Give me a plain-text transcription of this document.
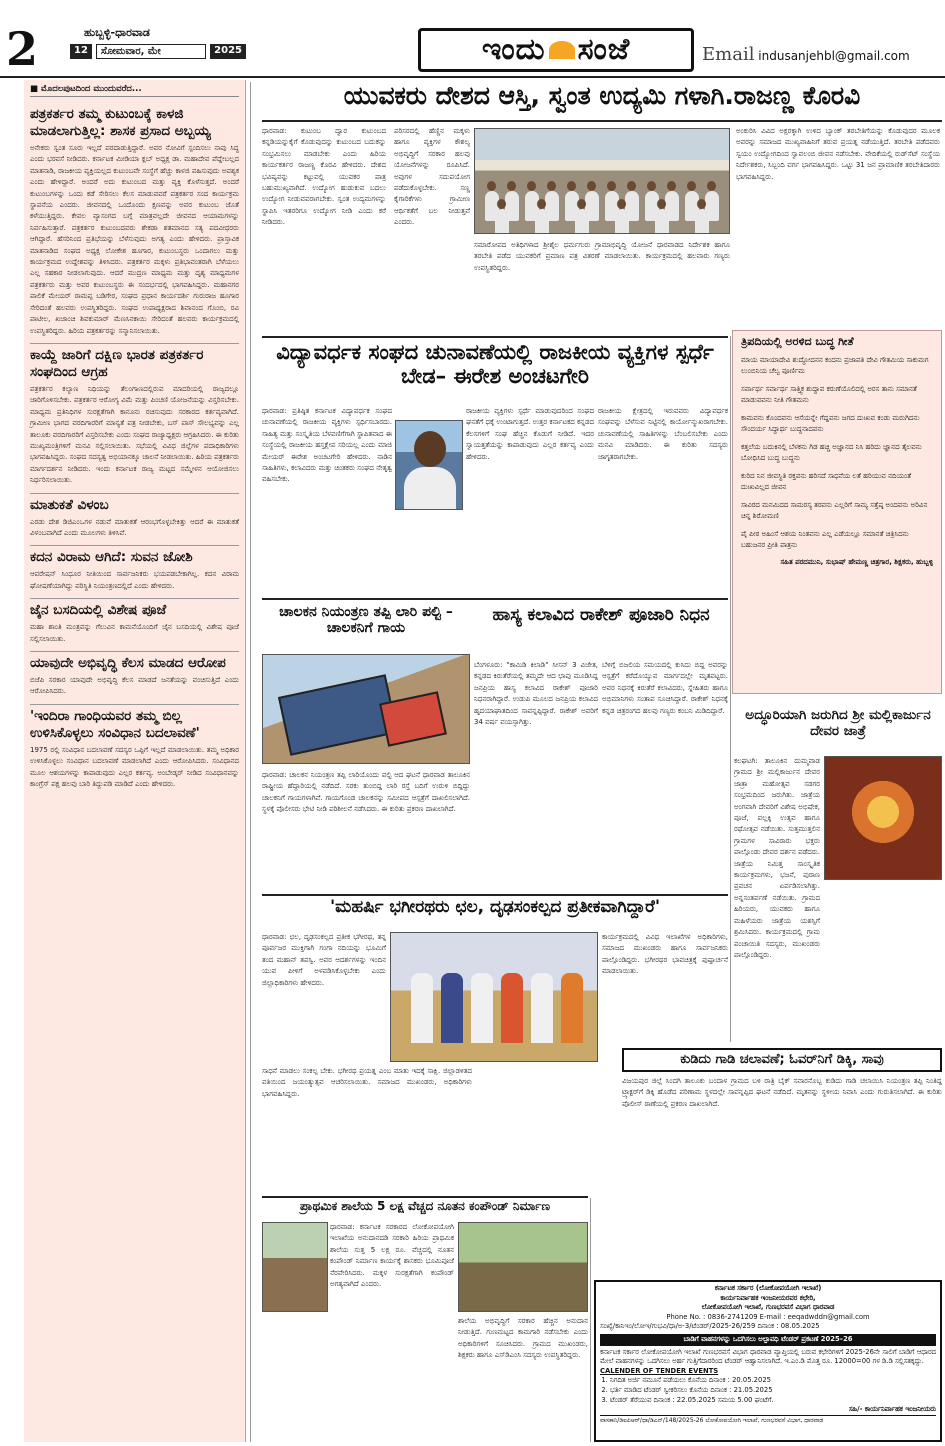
2	ಹುಬ್ಬಳ್ಳಿ-ಧಾರವಾಡ
12	ಸೋಮವಾರ, ಮೇ	2025	ಇಂದು ಸಂಜೆ	Email indusanjehbl@gmail.com
■ ಮೊದಲಪುಟದಿಂದ ಮುಂದುವರೆದ...
ಪತ್ರಕರ್ತರ ತಮ್ಮ ಕುಟುಂಬಕ್ಕೆ ಕಾಳಜಿ ಮಾಡಲಾಗುತ್ತಿಲ್ಲ: ಶಾಸಕ ಪ್ರಸಾದ ಅಬ್ಬಯ್ಯ
ಅನೇಕರು ಸ್ವಂತ ಸೂರು ಇಲ್ಲದೆ ಪರದಾಡುತ್ತಿದ್ದಾರೆ. ಅವರ ನೋವಿಗೆ ಸ್ಪಂದಿಸಲು ನಾವು ಸಿದ್ಧ ಎಂದು ಭರವಸೆ ನೀಡಿದರು. ಕರ್ನಾಟಕ ಮೀಡಿಯಾ ಕ್ಲಬ್ ಅಧ್ಯಕ್ಷ ಡಾ. ಮಹಾದೇವ ಪೆದ್ದೇಬಲ್ಲದ ಮಾತನಾಡಿ, ರಾಜಕೀಯ ವ್ಯಕ್ತಿಯಲ್ಲದ ಕುಟುಂಬವೇ ಸಂಸ್ಥೆಗೆ ಹೆಚ್ಚು ಕಾಳಜಿ ವಹಿಸುವುದು ಅವಶ್ಯಕ ಎಂದು ಹೇಳಿದ್ದಾರೆ. ಅಂದರೆ ಅದು ಕುಟುಂಬದ ಮತ್ತು ವ್ಯಕ್ತಿ ಕೊಳೆಸುತ್ತದೆ. ಅಂದರೆ ಕುಟುಂಬಗಳನ್ನು ಒಂದು ಕಡೆ ಸೇರಿಸಲು ಕೆಲಸ ಮಾಡುವವರೆ ಪತ್ರಕರ್ತರ ಸಂದ ಕಾರ್ಯಕ್ರಮ ಸ್ಥಾಪನೆಯ ಎಂದರು. ಜೀವನದಲ್ಲಿ ಒಂದೊಂದು ಕ್ಷಣವನ್ನು ಅವರ ಕುಟುಂಬ ಜೊತೆ ಕಳೆಯುತ್ತಿದ್ದರು. ಕೇವಲ ವ್ಯಾಸಂಗದ ಬಗ್ಗೆ ಮಾತ್ರವಲ್ಲದೇ ಜೀವನದ ಆಯಾಮಗಳನ್ನು ನಿರ್ವಹಿಸುತ್ತಾರೆ. ಪತ್ರಕರ್ತರ ಕುಟುಂಬದವರು ಶೇಕಡಾ ಶತಮಾನದ ಸತ್ಯ ಪದವೀಧರರು ಆಗಿದ್ದಾರೆ. ಹೆಸರಿನಿಂದ ಪ್ರತಿಭೆಯನ್ನು ಬೆಳೆಸುವುದು ಅಗತ್ಯ ಎಂದು ಹೇಳಿದರು. ಪ್ರಾಸ್ತಾವಿಕ ಮಾತನಾಡಿದ ಸಂಘದ ಅಧ್ಯಕ್ಷ ಲೋಕೇಶ ಹೂಗಾರ, ಕುಟುಂಬಸ್ಥರು ಒಂದಾಗಲು ಮತ್ತು ಕಾರ್ಯಕ್ರಮದ ಉದ್ದೇಶವನ್ನು ತಿಳಿಸಿದರು. ಪತ್ರಕರ್ತರ ಮಕ್ಕಳು ಪ್ರತಿಭಾವಂತರಾಗಿ ಬೆಳೆಯಲು ಎಲ್ಲ ಸಹಕಾರ ನೀಡಲಾಗುವುದು. ಆದರೆ ಮುದ್ರಣ ಮಾಧ್ಯಮ ಮತ್ತು ದೃಶ್ಯ ಮಾಧ್ಯಮಗಳ ಪತ್ರಕರ್ತರು ಮತ್ತು ಅವರ ಕುಟುಂಬಸ್ಥರು ಈ ಸಂದರ್ಭದಲ್ಲಿ ಭಾಗವಹಿಸಿದ್ದರು. ಮಹಾನಗರ ಪಾಲಿಕೆ ಮೇಯರ್ ರಾಮಪ್ಪ ಬಡಿಗೇರ, ಸಂಘದ ಪ್ರಧಾನ ಕಾರ್ಯದರ್ಶಿ ಗುರುರಾಜ ಹೂಗಾರ ಸೇರಿದಂತೆ ಹಲವರು ಉಪಸ್ಥಿತರಿದ್ದರು. ಸಂಘದ ಉಪಾಧ್ಯಕ್ಷರಾದ ಶಿವಾನಂದ ಗೊಂಬಿ, ರವಿ ಪಾಟೀಲ, ಖಜಾಂಚಿ ಶಿವಕುಮಾರ್ ಮೆಣಸಿನಕಾಯಿ ಸೇರಿದಂತೆ ಹಲವರು ಕಾರ್ಯಕ್ರಮದಲ್ಲಿ ಉಪಸ್ಥಿತರಿದ್ದರು. ಹಿರಿಯ ಪತ್ರಕರ್ತರನ್ನು ಸನ್ಮಾನಿಸಲಾಯಿತು.
ಕಾಯ್ದೆ ಜಾರಿಗೆ ದಕ್ಷಿಣ ಭಾರತ ಪತ್ರಕರ್ತರ ಸಂಘದಿಂದ ಆಗ್ರಹ
ಪತ್ರಕರ್ತರ ಕಲ್ಯಾಣ ನಿಧಿಯನ್ನು ತೆಲಂಗಾಣದಲ್ಲಿರುವ ಮಾದರಿಯಲ್ಲಿ ರಾಜ್ಯದಲ್ಲೂ ಜಾರಿಗೊಳಿಸಬೇಕು. ಪತ್ರಕರ್ತರ ಆರೋಗ್ಯ ವಿಮೆ ಮತ್ತು ಪಿಂಚಣಿ ಯೋಜನೆಯನ್ನು ವಿಸ್ತರಿಸಬೇಕು. ಮಾಧ್ಯಮ ಪ್ರತಿನಿಧಿಗಳ ಸುರಕ್ಷತೆಗಾಗಿ ಕಾನೂನು ರಚಿಸುವುದು ಸರಕಾರದ ಕರ್ತವ್ಯವಾಗಿದೆ. ಗ್ರಾಮೀಣ ಭಾಗದ ವರದಿಗಾರರಿಗೆ ಮಾನ್ಯತೆ ಪತ್ರ ನೀಡಬೇಕು, ಬಸ್ ಪಾಸ್ ಸೌಲಭ್ಯವನ್ನು ಎಲ್ಲ ತಾಲೂಕು ವರದಿಗಾರರಿಗೆ ವಿಸ್ತರಿಸಬೇಕು ಎಂದು ಸಂಘದ ರಾಜ್ಯಾಧ್ಯಕ್ಷರು ಆಗ್ರಹಿಸಿದರು. ಈ ಕುರಿತು ಮುಖ್ಯಮಂತ್ರಿಗಳಿಗೆ ಮನವಿ ಸಲ್ಲಿಸಲಾಯಿತು. ಸಭೆಯಲ್ಲಿ ವಿವಿಧ ಜಿಲ್ಲೆಗಳ ಪದಾಧಿಕಾರಿಗಳು ಭಾಗವಹಿಸಿದ್ದರು. ಸಂಘದ ಸದಸ್ಯತ್ವ ಅಭಿಯಾನಕ್ಕೂ ಚಾಲನೆ ನೀಡಲಾಯಿತು. ಹಿರಿಯ ಪತ್ರಕರ್ತರು ಮಾರ್ಗದರ್ಶನ ನೀಡಿದರು. ಇಂದು ಕರ್ನಾಟಕ ರಾಜ್ಯ ಮಟ್ಟದ ಸಮ್ಮೇಳನ ಆಯೋಜಿಸಲು ನಿರ್ಧರಿಸಲಾಯಿತು.
ಮಾತುಕತೆ ವಿಳಂಬ
ಎರಡು ದೇಶ ಡಿಜಿಎಂಒಗಳ ನಡುವೆ ಮಾತುಕತೆ ಆರಂಭಗೊಳ್ಳಬೇಕಿತ್ತು ಆದರೆ ಈ ಮಾತುಕತೆ ವಿಳಂಬವಾಗಿದೆ ಎಂದು ಮೂಲಗಳು ತಿಳಿಸಿವೆ.
ಕದನ ವಿರಾಮ ಆಗಿದೆ: ಸುವನ ಜೋಶಿ
ಆಪರೇಷನ್ ಸಿಂಧೂರ ನೀತಿಯಿಂದ ಸಾರ್ವಜನಿಕರು ಭಯಪಡಬೇಕಾಗಿಲ್ಲ. ಕದನ ವಿರಾಮ ಘೋಷಣೆಯಾಗಿದ್ದು ಪರಿಸ್ಥಿತಿ ನಿಯಂತ್ರಣದಲ್ಲಿದೆ ಎಂದು ಹೇಳಿದರು.
ಜೈನ ಬಸದಿಯಲ್ಲಿ ವಿಶೇಷ ಪೂಜೆ
ಮಹಾ ಶಾಂತಿ ಮಂತ್ರವನ್ನು ಗೆಲುವಿನ ಕಾಮನೆಯೊಂದಿಗೆ ಜೈನ ಬಸದಿಯಲ್ಲಿ ವಿಶೇಷ ಪೂಜೆ ಸಲ್ಲಿಸಲಾಯಿತು.
ಯಾವುದೇ ಅಭಿವೃದ್ಧಿ ಕೆಲಸ ಮಾಡದ ಆರೋಪ
ಬಿಜೆಪಿ ಸರಕಾರ ಯಾವುದೇ ಅಭಿವೃದ್ಧಿ ಕೆಲಸ ಮಾಡದೆ ಜನತೆಯನ್ನು ವಂಚಿಸುತ್ತಿದೆ ಎಂದು ಆರೋಪಿಸಿದರು.
'ಇಂದಿರಾ ಗಾಂಧಿಯವರ ತಮ್ಮ ಬಿಲ್ಲ ಉಳಿಸಿಕೊಳ್ಳಲು ಸಂವಿಧಾನ ಬದಲಾವಣೆ'
1975 ರಲ್ಲಿ ಸಂವಿಧಾನ ಬದಲಾವಣೆ ಸದಸ್ಯರ ಒಪ್ಪಿಗೆ ಇಲ್ಲದೆ ಮಾಡಲಾಯಿತು. ತಮ್ಮ ಅಧಿಕಾರ ಉಳಿಸಿಕೊಳ್ಳಲು ಸಂವಿಧಾನ ಬದಲಾವಣೆ ಮಾಡಲಾಗಿದೆ ಎಂದು ಆರೋಪಿಸಿದರು. ಸಂವಿಧಾನದ ಮೂಲ ಆಶಯಗಳನ್ನು ಕಾಪಾಡುವುದು ಎಲ್ಲರ ಕರ್ತವ್ಯ. ಅಂಬೇಡ್ಕರ್ ನೀಡಿದ ಸಂವಿಧಾನವನ್ನು ಕಾಂಗ್ರೆಸ್ ಪಕ್ಷ ಹಲವು ಬಾರಿ ತಿದ್ದುಪಡಿ ಮಾಡಿದೆ ಎಂದು ಹೇಳಿದರು.
ಯುವಕರು ದೇಶದ ಆಸ್ತಿ, ಸ್ವಂತ ಉದ್ಯಮಿ ಗಳಾಗಿ.ರಾಜಣ್ಣ ಕೊರವಿ
ಧಾರವಾಡ: ಕುಟುಂಬ ದ್ವಾರ ಕುಟುಂಬದ ಕನ್ನಡಿಯನ್ನುಕೈಗೆ ಕೊಡುವುದನ್ನು ಕುಟುಂಬದ ಬದುಕನ್ನು ಸಂಭ್ರಮಿಸಲು ಮಾಡಬೇಕು ಎಂದು ಹಿರಿಯ ಕಾರ್ಯಕರ್ತರ ರಾಜಣ್ಣ ಕೊರವಿ ಹೇಳಿದರು. ದೇಶದ ಭವಿಷ್ಯವನ್ನು ಕಟ್ಟುವಲ್ಲಿ ಯುವಕರ ಪಾತ್ರ ಬಹುಮುಖ್ಯವಾಗಿದೆ. ಉದ್ಯೋಗ ಹುಡುಕುವ ಬದಲು ಉದ್ಯೋಗ ನೀಡುವವರಾಗಬೇಕು. ಸ್ವಂತ ಉದ್ಯಮಗಳನ್ನು ಸ್ಥಾಪಿಸಿ ಇತರರಿಗೂ ಉದ್ಯೋಗ ನೀಡಿ ಎಂದು ಕರೆ ನೀಡಿದರು.
ಪರಿಸರದಲ್ಲಿ ಹೆಣ್ಣಿನ ಮಕ್ಕಳು ಹಾಗೂ ವ್ಯಕ್ತಿಗಳ ಕೌಶಲ್ಯ ಅಭಿವೃದ್ಧಿಗೆ ಸರಕಾರ ಹಲವು ಯೋಜನೆಗಳನ್ನು ರೂಪಿಸಿದೆ. ಅವುಗಳ ಸದುಪಯೋಗ ಪಡೆದುಕೊಳ್ಳಬೇಕು. ಸಣ್ಣ ಕೈಗಾರಿಕೆಗಳು ಗ್ರಾಮೀಣ ಆರ್ಥಿಕತೆಗೆ ಬಲ ನೀಡುತ್ತವೆ ಎಂದರು.
ಸಮಾರೋಪದ ಅತಿಥಿಗಳಾದ ಶ್ರೀಶೈಲ ಧರ್ಮಗುರು ಗ್ರಾಮಾಭಿವೃದ್ಧಿ ಯೋಜನೆ ಧಾರವಾಡದ ನಿರ್ದೇಶಕ ಹಾಗೂ ತರಬೇತಿ ಪಡೆದ ಯುವಕರಿಗೆ ಪ್ರಮಾಣ ಪತ್ರ ವಿತರಣೆ ಮಾಡಲಾಯಿತು. ಕಾರ್ಯಕ್ರಮದಲ್ಲಿ ಹಲವಾರು ಗಣ್ಯರು ಉಪಸ್ಥಿತರಿದ್ದರು.
ಅಂಕುರಿಸಿ ವಿವಿದ ಅಕ್ಷರಕ್ಕಾಗಿ ಉಳಿದ ಬ್ಯಾಂಕ್ ತರಬೇತಿಗೆಯನ್ನು ಕೊಡುವುದರ ಮೂಲಕ ಅವರನ್ನು ಸಮಾಜದ ಮುಖ್ಯವಾಹಿನಿಗೆ ತರುವ ಪ್ರಯತ್ನ ನಡೆಯುತ್ತಿದೆ. ತರಬೇತಿ ಪಡೆದವರು ಸ್ವಯಂ ಉದ್ಯೋಗದಿಂದ ಸ್ವಾವಲಂಬಿ ಜೀವನ ನಡೆಸಬೇಕು. ವೇದಿಕೆಯಲ್ಲಿ ರುಡ್‌ಸೆಟ್ ಸಂಸ್ಥೆಯ ನಿರ್ದೇಶಕರು, ಸಿಬ್ಬಂದಿ ವರ್ಗ ಭಾಗವಹಿಸಿದ್ದರು. ಒಟ್ಟು 31 ಜನ ಪ್ರಾಮಾಣಿಕ ತರಬೇತಿದಾರರು ಭಾಗವಹಿಸಿದ್ದರು.
ವಿದ್ಯಾವರ್ಧಕ ಸಂಘದ ಚುನಾವಣೆಯಲ್ಲಿ ರಾಜಕೀಯ ವ್ಯಕ್ತಿಗಳ ಸ್ಪರ್ಧೆ ಬೇಡ– ಈರೇಶ ಅಂಚಟಗೇರಿ
ಧಾರವಾಡ: ಪ್ರತಿಷ್ಠಿತ ಕರ್ನಾಟಕ ವಿದ್ಯಾವರ್ಧಕ ಸಂಘದ ಚುನಾವಣೆಯಲ್ಲಿ ರಾಜಕೀಯ ವ್ಯಕ್ತಿಗಳು ಸ್ಪರ್ಧಿಸಬಾರದು. ಸಾಹಿತ್ಯ ಮತ್ತು ಸಂಸ್ಕೃತಿಯ ಬೆಳವಣಿಗೆಗಾಗಿ ಸ್ಥಾಪಿತವಾದ ಈ ಸಂಸ್ಥೆಯಲ್ಲಿ ರಾಜಕೀಯ ಹಸ್ತಕ್ಷೇಪ ಸರಿಯಲ್ಲ ಎಂದು ಮಾಜಿ ಮೇಯರ್ ಈರೇಶ ಅಂಚಟಗೇರಿ ಹೇಳಿದರು. ನಾಡಿನ ಸಾಹಿತಿಗಳು, ಕಲಾವಿದರು ಮತ್ತು ಚಿಂತಕರು ಸಂಘದ ನೇತೃತ್ವ ವಹಿಸಬೇಕು.
ರಾಜಕೀಯ ವ್ಯಕ್ತಿಗಳು ಸ್ಪರ್ಧೆ ಮಾಡುವುದರಿಂದ ಸಂಘದ ಘನತೆಗೆ ಧಕ್ಕೆ ಉಂಟಾಗುತ್ತದೆ. ಉತ್ತರ ಕರ್ನಾಟಕದ ಕನ್ನಡದ ಕೆಲಸಗಳಿಗೆ ಸಂಘ ಹೆಚ್ಚಿನ ಕೊಡುಗೆ ನೀಡಿದೆ. ಇದರ ಸ್ವಾಯತ್ತತೆಯನ್ನು ಕಾಪಾಡುವುದು ಎಲ್ಲರ ಕರ್ತವ್ಯ ಎಂದು ಹೇಳಿದರು.
ರಾಜಕೀಯ ಕ್ಷೇತ್ರದಲ್ಲಿ ಇರುವವರು ವಿದ್ಯಾವರ್ಧಕ ಸಂಘವನ್ನು ಬೆಳೆಸುವ ನಿಟ್ಟಿನಲ್ಲಿ ಕಾರ್ಯೋನ್ಮುಖರಾಗಬೇಕು. ಚುನಾವಣೆಯಲ್ಲಿ ಸಾಹಿತಿಗಳನ್ನು ಬೆಂಬಲಿಸಬೇಕು ಎಂದು ಮನವಿ ಮಾಡಿದರು. ಈ ಕುರಿತು ಸದಸ್ಯರು ಜಾಗೃತರಾಗಬೇಕು.
ತ್ರಿಪದಿಯಲ್ಲಿ ಅರಳಿದ ಬುದ್ಧ ಗೀತೆ

ಮಾಯ ಮಾಯಾದೇವಿ ಶುದ್ಧೋದನನ ಕಂದನು ಪ್ರಜಾಪತಿ ದೇವಿ ಗೌತಮಿಯ ಸಾಕುಮಗ ಲುಂಬಿನಿಯ ಚೆಲ್ವ ಪೂರ್ಣಿಮ

ಸರ್ವಾರ್ಥ ಸರ್ವಾರ್ಥ ಸಾತ್ತ್ವಿಕ ಶುದ್ಧಾವ ಕರುಣೆಯೊಲಿದಲ್ಲಿ ಅರಸ ತಾನು ಸಮಾನತೆ ಮಾಡುವವನು ನೀತಿ ಗೌತಮನು

ಕಾಮವನು ಕೊಂದವನು ಆಸೆಯನ್ನೇ ಗೆದ್ದವನು ಜಗದ ದುಃಖವ ಕಂಡು ಮರುಗಿದನು ಸೌಂದರ್ಯ ಸಿದ್ಧಾರ್ಥ ಬುದ್ಧನಾದವನು

ಕತ್ತಲೆಯ ಬದುಕಿನಲ್ಲಿ ಬೆಳಕನು ಗಿಡ ಹಚ್ಚಿ ಅಜ್ಞಾನದ ನಿಸಿ ಹರಿದು ಜ್ಞಾನದ ತೈಲವನು ಬೋಧಿಸಿದ ಬುದ್ಧ ಬುದ್ಧನು

ಕುರಿದ ನಿನ ಜೀವಸ್ಥಿತಿ ರಕ್ತವನು ಹರಿಸದೆ ಸಾಧನೆಯ ಲತೆ ಹರಿಯುವ ನದಿಯಂತೆ ದುಃಖವಿಲ್ಲದ ಜೀವನ

ಸಾವಿರದ ಮನಮಿದದ ಸಾಮರಸ್ಯ ತರವನು ಎಲ್ಲರಿಗೆ ಸಾಮ್ಯ ಸತ್ತೆಷ್ಠ ಅಂದವನು ಅರಿವಿನ ಚಿನ್ನ ಶಿರೋಮಣಿ

ಪೈ ಪೀಠ ಅಹಿಂಸೆ ಆಶಯ ನಿಂತವನು ಎಲ್ಲ ಎಡೆಯಲ್ಲೂ ಸಮಾನತೆ ಚಿತ್ರಿಸಿದನು ಬಹುಜನರ ಪ್ರೀತಿ ಪಾತ್ರನು

ಸಹಿತ ಪರದಮುನಿ, ಸುಭಾಷ್ ಹೇಮಣ್ಣ ಚಿತ್ರಗಾರ, ಶಿಕ್ಷಕರು, ಹುಬ್ಬಳ್ಳಿ
ಚಾಲಕನ ನಿಯಂತ್ರಣ ತಪ್ಪಿ ಲಾರಿ ಪಲ್ಟಿ – ಚಾಲಕನಿಗೆ ಗಾಯ
ಧಾರವಾಡ: ಚಾಲಕನ ನಿಯಂತ್ರಣ ತಪ್ಪಿ ಲಾರಿಯೊಂದು ಪಲ್ಟಿ ಆದ ಘಟನೆ ಧಾರವಾಡ ತಾಲೂಕಿನ ರಾಷ್ಟ್ರೀಯ ಹೆದ್ದಾರಿಯಲ್ಲಿ ನಡೆದಿದೆ. ಸರಕು ತುಂಬಿದ್ದ ಲಾರಿ ರಸ್ತೆ ಬದಿಗೆ ಉರುಳಿ ಬಿದ್ದಿದ್ದು ಚಾಲಕನಿಗೆ ಗಾಯಗಳಾಗಿವೆ. ಗಾಯಗೊಂಡ ಚಾಲಕನನ್ನು ಸಮೀಪದ ಆಸ್ಪತ್ರೆಗೆ ದಾಖಲಿಸಲಾಗಿದೆ. ಸ್ಥಳಕ್ಕೆ ಪೊಲೀಸರು ಭೇಟಿ ನೀಡಿ ಪರಿಶೀಲನೆ ನಡೆಸಿದರು. ಈ ಕುರಿತು ಪ್ರಕರಣ ದಾಖಲಾಗಿದೆ.
ಹಾಸ್ಯ ಕಲಾವಿದ ರಾಕೇಶ್ ಪೂಜಾರಿ ನಿಧನ
ಬೆಂಗಳೂರು: "ಕಾಮಿಡಿ ಕಿಲಾಡಿ" ಸೀಸನ್ 3 ವಿಜೇತ, ಕನ್ನಡದ ಕಿರುತೆರೆಯಲ್ಲಿ ತಮ್ಮದೇ ಆದ ಛಾಪು ಮೂಡಿಸಿದ್ದ ಜನಪ್ರಿಯ ಹಾಸ್ಯ ಕಲಾವಿದ ರಾಕೇಶ್ ಪೂಜಾರಿ ನಿಧನರಾಗಿದ್ದಾರೆ. ಉಡುಪಿ ಮೂಲದ ಜನಪ್ರಿಯ ಕಲಾವಿದ ಹೃದಯಾಘಾತದಿಂದ ಸಾವನ್ನಪ್ಪಿದ್ದಾರೆ. ರಾಕೇಶ್ ಅವರಿಗೆ 34 ವರ್ಷ ವಯಸ್ಸಾಗಿತ್ತು.
ಬೆಳಿಗ್ಗೆ ಬಿಜಲಿಯ ಸಮಯದಲ್ಲಿ ಕುಸಿದು ಬಿದ್ದ ಅವರನ್ನು ಆಸ್ಪತ್ರೆಗೆ ಕರೆದೊಯ್ಯುವ ಮಾರ್ಗದಲ್ಲೇ ಮೃತಪಟ್ಟರು. ಅವರ ನಿಧನಕ್ಕೆ ಕಿರುತೆರೆ ಕಲಾವಿದರು, ಸ್ನೇಹಿತರು ಹಾಗೂ ಅಭಿಮಾನಿಗಳು ಸಂತಾಪ ಸೂಚಿಸಿದ್ದಾರೆ. ರಾಕೇಶ್ ನಿಧನಕ್ಕೆ ಕನ್ನಡ ಚಿತ್ರರಂಗದ ಹಲವು ಗಣ್ಯರು ಕಂಬನಿ ಮಿಡಿದಿದ್ದಾರೆ.	ಅದ್ಧೂರಿಯಾಗಿ ಜರುಗಿದ ಶ್ರೀ ಮಲ್ಲಿಕಾರ್ಜುನ ದೇವರ ಜಾತ್ರೆ
ಕಲಘಟಗಿ: ತಾಲೂಕಿನ ದುಮ್ಮವಾಡ ಗ್ರಾಮದ ಶ್ರೀ ಮಲ್ಲಿಕಾರ್ಜುನ ದೇವರ ಜಾತ್ರಾ ಮಹೋತ್ಸವ ಸಡಗರ ಸಂಭ್ರಮದಿಂದ ಜರುಗಿತು. ಜಾತ್ರೆಯ ಅಂಗವಾಗಿ ದೇವರಿಗೆ ವಿಶೇಷ ಅಭಿಷೇಕ, ಪೂಜೆ, ಪಲ್ಲಕ್ಕಿ ಉತ್ಸವ ಹಾಗೂ ರಥೋತ್ಸವ ನಡೆಯಿತು. ಸುತ್ತಮುತ್ತಲಿನ ಗ್ರಾಮಗಳ ಸಾವಿರಾರು ಭಕ್ತರು ಪಾಲ್ಗೊಂಡು ದೇವರ ದರ್ಶನ ಪಡೆದರು. ಜಾತ್ರೆಯ ನಿಮಿತ್ತ ಸಾಂಸ್ಕೃತಿಕ ಕಾರ್ಯಕ್ರಮಗಳು, ಭಜನೆ, ಪುರಾಣ ಪ್ರವಚನ ಏರ್ಪಡಿಸಲಾಗಿತ್ತು. ಅನ್ನಸಂತರ್ಪಣೆ ನಡೆಯಿತು. ಗ್ರಾಮದ ಹಿರಿಯರು, ಯುವಕರು ಹಾಗೂ ಮಹಿಳೆಯರು ಜಾತ್ರೆಯ ಯಶಸ್ಸಿಗೆ ಶ್ರಮಿಸಿದರು. ಕಾರ್ಯಕ್ರಮದಲ್ಲಿ ಗ್ರಾಮ ಪಂಚಾಯಿತಿ ಸದಸ್ಯರು, ಮುಖಂಡರು ಪಾಲ್ಗೊಂಡಿದ್ದರು.
'ಮಹರ್ಷಿ ಭಗೀರಥರು ಛಲ, ದೃಢಸಂಕಲ್ಪದ ಪ್ರತೀಕವಾಗಿದ್ದಾರೆ'
ಧಾರವಾಡ: ಛಲ, ದೃಢಸಂಕಲ್ಪದ ಪ್ರತೀಕ ಭಗೀರಥ, ತನ್ನ ಪೂರ್ವಜರ ಮುಕ್ತಿಗಾಗಿ ಗಂಗಾ ನದಿಯನ್ನು ಭೂಮಿಗೆ ತಂದ ಮಹಾನ್ ತಪಸ್ವಿ. ಅವರ ಆದರ್ಶಗಳನ್ನು ಇಂದಿನ ಯುವ ಪೀಳಿಗೆ ಅಳವಡಿಸಿಕೊಳ್ಳಬೇಕು ಎಂದು ಜಿಲ್ಲಾಧಿಕಾರಿಗಳು ಹೇಳಿದರು.
ಸಾಧನೆ ಮಾಡಲು ಸಂಕಲ್ಪ ಬೇಕು. ಭಗೀರಥ ಪ್ರಯತ್ನ ಎಂಬ ಮಾತು ಇದಕ್ಕೆ ಸಾಕ್ಷಿ. ಜಿಲ್ಲಾಡಳಿತದ ವತಿಯಿಂದ ಜಯಂತ್ಯುತ್ಸವ ಆಚರಿಸಲಾಯಿತು. ಸಮಾಜದ ಮುಖಂಡರು, ಅಧಿಕಾರಿಗಳು ಭಾಗವಹಿಸಿದ್ದರು.
ಕಾರ್ಯಕ್ರಮದಲ್ಲಿ ವಿವಿಧ ಇಲಾಖೆಗಳ ಅಧಿಕಾರಿಗಳು, ಸಮಾಜದ ಮುಖಂಡರು ಹಾಗೂ ಸಾರ್ವಜನಿಕರು ಪಾಲ್ಗೊಂಡಿದ್ದರು. ಭಗೀರಥರ ಭಾವಚಿತ್ರಕ್ಕೆ ಪುಷ್ಪಾರ್ಚನೆ ಮಾಡಲಾಯಿತು.
ಕುಡಿದು ಗಾಡಿ ಚಲಾವಣೆ; ಓವರ್‌ನಿಗೆ ಡಿಕ್ಕಿ, ಸಾವು
ವಿಜಯಪುರ ಜಿಲ್ಲೆ ಸಿಂದಗಿ ತಾಲೂಕು ಬಂದಾಳ ಗ್ರಾಮದ ಬಳಿ ರಾತ್ರಿ ಬೈಕ್ ಸವಾರನೊಬ್ಬ ಕುಡಿದು ಗಾಡಿ ಚಲಾಯಿಸಿ ನಿಯಂತ್ರಣ ತಪ್ಪಿ ನಿಂತಿದ್ದ ಟ್ರ್ಯಾಕ್ಟರ್‌ಗೆ ಡಿಕ್ಕಿ ಹೊಡೆದ ಪರಿಣಾಮ ಸ್ಥಳದಲ್ಲೇ ಸಾವನ್ನಪ್ಪಿದ ಘಟನೆ ನಡೆದಿದೆ. ಮೃತನನ್ನು ಸ್ಥಳೀಯ ನಿವಾಸಿ ಎಂದು ಗುರುತಿಸಲಾಗಿದೆ. ಈ ಕುರಿತು ಪೊಲೀಸ್ ಠಾಣೆಯಲ್ಲಿ ಪ್ರಕರಣ ದಾಖಲಾಗಿದೆ.
ಪ್ರಾಥಮಿಕ ಶಾಲೆಯ 5 ಲಕ್ಷ ವೆಚ್ಚದ ನೂತನ ಕಂಪೌಂಡ್ ನಿರ್ಮಾಣ
ಧಾರವಾಡ: ಕರ್ನಾಟಕ ಸರಕಾರದ ಲೋಕೋಪಯೋಗಿ ಇಲಾಖೆಯ ಅನುದಾನದಡಿ ಸರಕಾರಿ ಹಿರಿಯ ಪ್ರಾಥಮಿಕ ಶಾಲೆಯ ಸುತ್ತ 5 ಲಕ್ಷ ರೂ. ವೆಚ್ಚದಲ್ಲಿ ನೂತನ ಕಂಪೌಂಡ್ ನಿರ್ಮಾಣ ಕಾರ್ಯಕ್ಕೆ ಶಾಸಕರು ಭೂಮಿಪೂಜೆ ನೆರವೇರಿಸಿದರು. ಮಕ್ಕಳ ಸುರಕ್ಷತೆಗಾಗಿ ಕಂಪೌಂಡ್ ಅಗತ್ಯವಾಗಿದೆ ಎಂದರು.
ಶಾಲೆಯ ಅಭಿವೃದ್ಧಿಗೆ ಸರಕಾರ ಹೆಚ್ಚಿನ ಅನುದಾನ ನೀಡುತ್ತಿದೆ. ಗುಣಮಟ್ಟದ ಕಾಮಗಾರಿ ನಡೆಸಬೇಕು ಎಂದು ಅಧಿಕಾರಿಗಳಿಗೆ ಸೂಚಿಸಿದರು. ಗ್ರಾಮದ ಮುಖಂಡರು, ಶಿಕ್ಷಕರು ಹಾಗೂ ಎಸ್‌ಡಿಎಂಸಿ ಸದಸ್ಯರು ಉಪಸ್ಥಿತರಿದ್ದರು.
ಕರ್ನಾಟಕ ಸರ್ಕಾರ (ಲೋಕೋಪಯೋಗಿ ಇಲಾಖೆ)
ಕಾರ್ಯನಿರ್ವಾಹಕ ಇಂಜನೀಯರವರ ಕಛೇರಿ,
ಲೋಕೋಪಯೋಗಿ ಇಲಾಖೆ, ಗುಣಭರವಸೆ ವಿಭಾಗ ಧಾರವಾಡ
Phone No. : 0836-2741209 E-mail : eeqadwddn@gmail.com
ಸಂಖ್ಯೆ/ಕಾನಿಇಂ/ಲೋಇ/ಗುಭವಿ/ಧಾ/ಅ-3/ಟೆಂಡರ್/2025-26/259 ದಿನಾಂಕ : 08.05.2025
ಬಾಡಿಗೆ ವಾಹನಗಳನ್ನು ಒದಗಿಸಲು ಅಲ್ಪಾವಧಿ ಟೆಂಡರ್ ಪ್ರಕಟಣೆ 2025–26
ಕರ್ನಾಟಕ ಸರ್ಕಾರ ಲೋಕೋಪಯೋಗಿ ಇಲಾಖೆ ಗುಣಭರವಸೆ ವಿಭಾಗ ಧಾರವಾಡ ವ್ಯಾಪ್ತಿಯಲ್ಲಿ ಬರುವ ಕಛೇರಿಗಳಿಗೆ 2025-26ನೇ ಸಾಲಿಗೆ ಬಾಡಿಗೆ ಆಧಾರದ ಮೇಲೆ ವಾಹನಗಳನ್ನು ಒದಗಿಸಲು ಅರ್ಹ ಗುತ್ತಿಗೆದಾರರಿಂದ ಟೆಂಡರ್ ಆಹ್ವಾನಿಸಲಾಗಿದೆ. ಇ.ಎಂ.ಡಿ ಮೊತ್ತ ರೂ. 12000=00 ಗಳ ಡಿ.ಡಿ ಸಲ್ಲಿಸತಕ್ಕದ್ದು.
CALENDER OF TENDER EVENTS
1. ನಿಗದಿತ ಅರ್ಜಿ ನಮೂನೆ ಪಡೆಯಲು ಕೊನೆಯ ದಿನಾಂಕ : 20.05.2025
2. ಭರ್ತಿ ಮಾಡಿದ ಟೆಂಡರ್ ಸ್ವೀಕರಿಸಲು ಕೊನೆಯ ದಿನಾಂಕ : 21.05.2025
3. ಟೆಂಡರ್ ತೆರೆಯುವ ದಿನಾಂಕ : 22.05.2025 ಸಮಯ 5.00 ಘಂಟೆಗೆ.
ಸಹಿ/- ಕಾರ್ಯನಿರ್ವಾಹಕ ಇಂಜನೀಯರು
ವಾಸಕಾನಿ/ಡಿಐಪಿಆರ್/ಧಾ/ಡಿಎನ್/148/2025-26 ಲೋಕೋಪಯೋಗಿ ಇಲಾಖೆ, ಗುಣಭರವಸೆ ವಿಭಾಗ, ಧಾರವಾಡ
